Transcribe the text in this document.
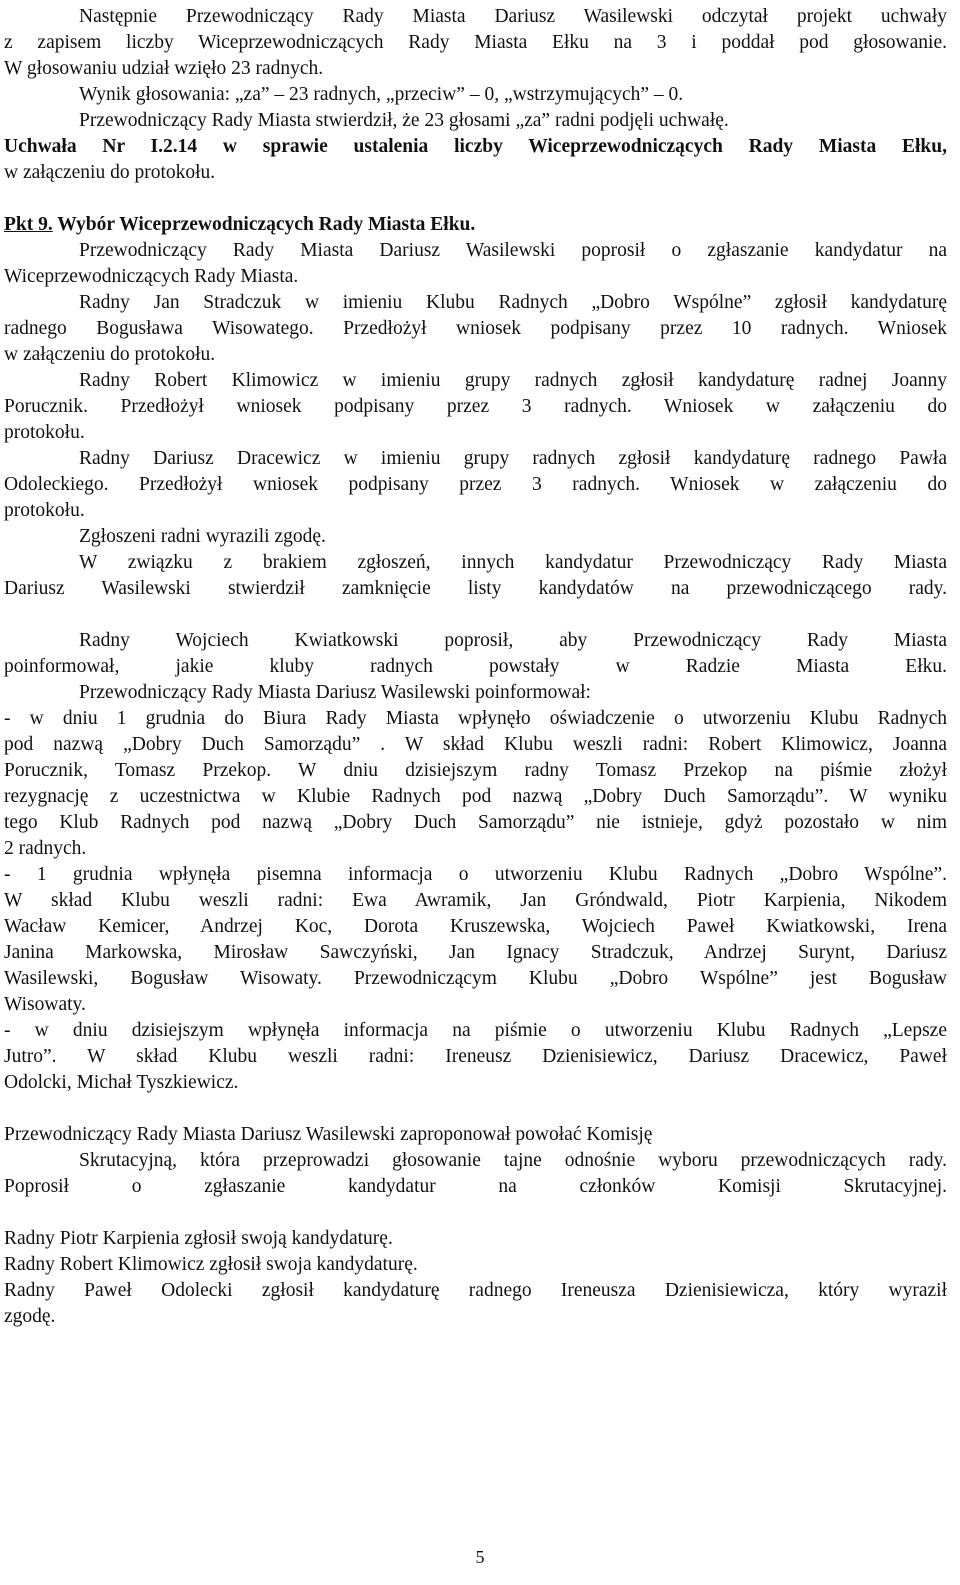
Następnie Przewodniczący Rady Miasta Dariusz Wasilewski odczytał projekt uchwały
z zapisem liczby Wiceprzewodniczących Rady Miasta Ełku na 3 i poddał pod głosowanie.
W głosowaniu udział wzięło 23 radnych.
Wynik głosowania: „za” – 23 radnych, „przeciw” – 0, „wstrzymujących” – 0.
Przewodniczący Rady Miasta stwierdził, że 23 głosami „za” radni podjęli uchwałę.
Uchwała Nr I.2.14 w sprawie ustalenia liczby Wiceprzewodniczących Rady Miasta Ełku,
w załączeniu do protokołu.
Pkt 9. Wybór Wiceprzewodniczących Rady Miasta Ełku.
Przewodniczący Rady Miasta Dariusz Wasilewski poprosił o zgłaszanie kandydatur na
Wiceprzewodniczących Rady Miasta.
Radny Jan Stradczuk w imieniu Klubu Radnych „Dobro Wspólne” zgłosił kandydaturę
radnego Bogusława Wisowatego. Przedłożył wniosek podpisany przez 10 radnych. Wniosek
w załączeniu do protokołu.
Radny Robert Klimowicz w imieniu grupy radnych zgłosił kandydaturę radnej Joanny
Porucznik. Przedłożył wniosek podpisany przez 3 radnych. Wniosek w załączeniu do
protokołu.
Radny Dariusz Dracewicz w imieniu grupy radnych zgłosił kandydaturę radnego Pawła
Odoleckiego. Przedłożył wniosek podpisany przez 3 radnych. Wniosek w załączeniu do
protokołu.
Zgłoszeni radni wyrazili zgodę.
W związku z brakiem zgłoszeń, innych kandydatur Przewodniczący Rady Miasta
Dariusz Wasilewski stwierdził zamknięcie listy kandydatów na przewodniczącego rady.
Radny Wojciech Kwiatkowski poprosił, aby Przewodniczący Rady Miasta
poinformował, jakie kluby radnych powstały w Radzie Miasta Ełku.
Przewodniczący Rady Miasta Dariusz Wasilewski poinformował:
- w dniu 1 grudnia do Biura Rady Miasta wpłynęło oświadczenie o utworzeniu Klubu Radnych
pod nazwą „Dobry Duch Samorządu” . W skład Klubu weszli radni: Robert Klimowicz, Joanna
Porucznik, Tomasz Przekop. W dniu dzisiejszym radny Tomasz Przekop na piśmie złożył
rezygnację z uczestnictwa w Klubie Radnych pod nazwą „Dobry Duch Samorządu”. W wyniku
tego Klub Radnych pod nazwą „Dobry Duch Samorządu” nie istnieje, gdyż pozostało w nim
2 radnych.
- 1 grudnia wpłynęła pisemna informacja o utworzeniu Klubu Radnych „Dobro Wspólne”.
W skład Klubu weszli radni: Ewa Awramik, Jan Gróndwald, Piotr Karpienia, Nikodem
Wacław Kemicer, Andrzej Koc, Dorota Kruszewska, Wojciech Paweł Kwiatkowski, Irena
Janina Markowska, Mirosław Sawczyński, Jan Ignacy Stradczuk, Andrzej Surynt, Dariusz
Wasilewski, Bogusław Wisowaty. Przewodniczącym Klubu „Dobro Wspólne” jest Bogusław
Wisowaty.
- w dniu dzisiejszym wpłynęła informacja na piśmie o utworzeniu Klubu Radnych „Lepsze
Jutro”. W skład Klubu weszli radni: Ireneusz Dzienisiewicz, Dariusz Dracewicz, Paweł
Odolcki, Michał Tyszkiewicz.
Przewodniczący Rady Miasta Dariusz Wasilewski zaproponował powołać Komisję
Skrutacyjną, która przeprowadzi głosowanie tajne odnośnie wyboru przewodniczących rady.
Poprosił o zgłaszanie kandydatur na członków Komisji Skrutacyjnej.
Radny Piotr Karpienia zgłosił swoją kandydaturę.
Radny Robert Klimowicz zgłosił swoja kandydaturę.
Radny Paweł Odolecki zgłosił kandydaturę radnego Ireneusza Dzienisiewicza, który wyraził
zgodę.
5
